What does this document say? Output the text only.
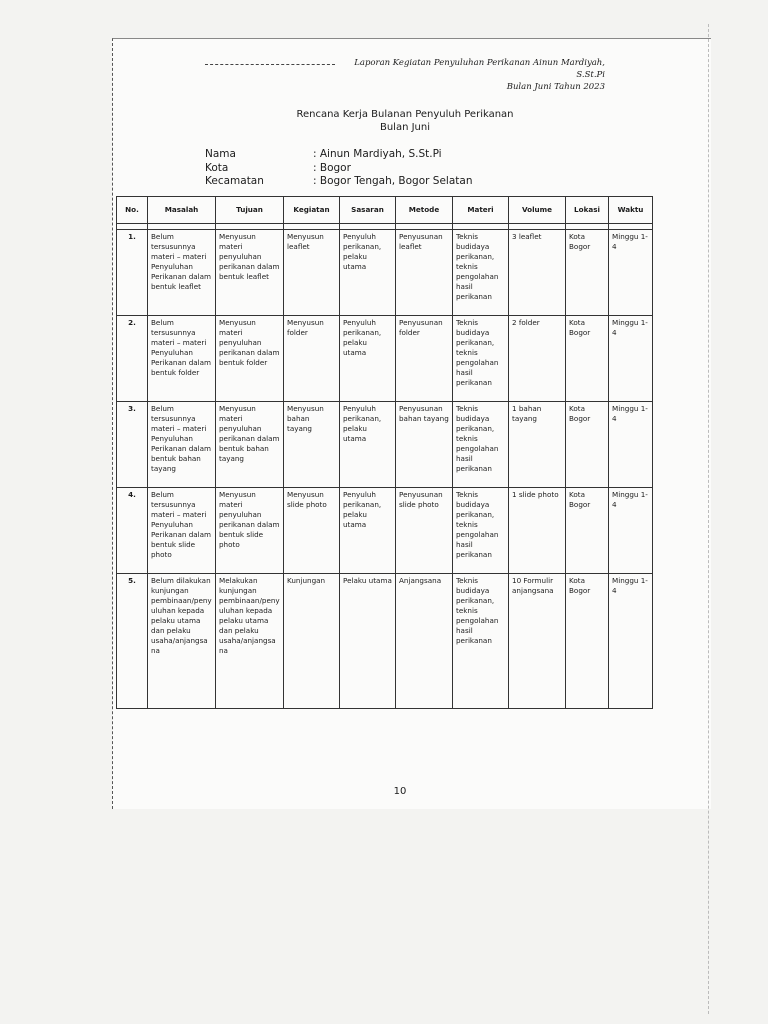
Laporan Kegiatan Penyuluhan Perikanan Ainun Mardiyah, S.St.Pi
Bulan Juni Tahun 2023
Rencana Kerja Bulanan Penyuluh Perikanan
Bulan Juni
Nama	: Ainun Mardiyah, S.St.Pi
Kota	: Bogor
Kecamatan	: Bogor Tengah, Bogor Selatan
No.	Masalah	Tujuan	Kegiatan	Sasaran	Metode	Materi	Volume	Lokasi	Waktu

1.	Belum tersusunnya materi – materi Penyuluhan Perikanan dalam bentuk leaflet	Menyusun materi penyuluhan perikanan dalam bentuk leaflet	Menyusun leaflet	Penyuluh perikanan, pelaku utama	Penyusunan leaflet	Teknis budidaya perikanan, teknis pengolahan hasil perikanan	3 leaflet	Kota Bogor	Minggu 1-4
2.	Belum tersusunnya materi – materi Penyuluhan Perikanan dalam bentuk folder	Menyusun materi penyuluhan perikanan dalam bentuk folder	Menyusun folder	Penyuluh perikanan, pelaku utama	Penyusunan folder	Teknis budidaya perikanan, teknis pengolahan hasil perikanan	2 folder	Kota Bogor	Minggu 1-4
3.	Belum tersusunnya materi – materi Penyuluhan Perikanan dalam bentuk bahan tayang	Menyusun materi penyuluhan perikanan dalam bentuk bahan tayang	Menyusun bahan tayang	Penyuluh perikanan, pelaku utama	Penyusunan bahan tayang	Teknis budidaya perikanan, teknis pengolahan hasil perikanan	1 bahan tayang	Kota Bogor	Minggu 1-4
4.	Belum tersusunnya materi – materi Penyuluhan Perikanan dalam bentuk slide photo	Menyusun materi penyuluhan perikanan dalam bentuk slide photo	Menyusun slide photo	Penyuluh perikanan, pelaku utama	Penyusunan slide photo	Teknis budidaya perikanan, teknis pengolahan hasil perikanan	1 slide photo	Kota Bogor	Minggu 1-4
5.	Belum dilakukan kunjungan pembinaan/penyuluhan kepada pelaku utama dan pelaku usaha/anjangsana	Melakukan kunjungan pembinaan/penyuluhan kepada pelaku utama dan pelaku usaha/anjangsana	Kunjungan	Pelaku utama	Anjangsana	Teknis budidaya perikanan, teknis pengolahan hasil perikanan	10 Formulir anjangsana	Kota Bogor	Minggu 1-4
10
